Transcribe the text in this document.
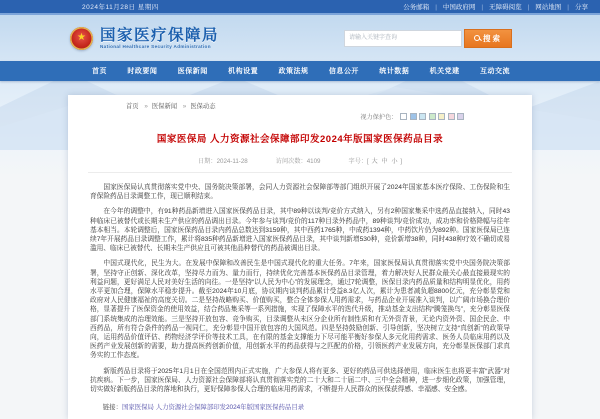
2024年11月28日 星期四	公务邮箱	| 中国政府网	| 无障碍阅览	| 网站地图	| 分享
★ 国家医疗保障局
National Healthcare Security Administration
请输入关键字查询
搜索
首页	时政要闻	医保新闻	机构设置	政策法规	信息公开	统计数据	机关党建	互动交流
首页 » 医保新闻 » 医保动态
视力保护色：
国家医保局 人力资源社会保障部印发2024年版国家医保药品目录
日期：2024-11-28	访问次数：4109	字号：[ 大 中 小 ]

国家医保局认真贯彻落实党中央、国务院决策部署，会同人力资源社会保障部等部门组织开展了2024年国家基本医疗保险、工伤保险和生育保险药品目录调整工作，现已顺利结束。

在今年的调整中，有91种药品新增进入国家医保药品目录，其中89种以谈判/竞价方式纳入，另有2种国家集采中选药品直接纳入，同时43种临床已被替代或长期未生产供应的药品调出目录。今年参与谈判/竞价的117种目录外药品中，89种谈判/竞价成功，成功率和价格降幅与往年基本相当。本轮调整后，国家医保药品目录内药品总数达到3159种，其中西药1765种，中成药1394种，中药饮片仍为892种。国家医保局已连续7年开展药品目录调整工作，累计将835种药品新增进入国家医保药品目录，其中谈判新增530种，竞价新增38种，同时438种疗效不确切或易滥用、临床已被替代、长期未生产供应且可被其他品种替代的药品被调出目录。

中国式现代化，民生为大。在发展中保障和改善民生是中国式现代化的重大任务。7年来，国家医保局认真贯彻落实党中央国务院决策部署，坚持守正创新、深化改革，坚持尽力而为、量力而行，持续优化完善基本医保药品目录管理，着力解决好人民群众最关心最直接最现实的利益问题，更好满足人民对美好生活的向往。一是坚持“以人民为中心”的发展理念，通过7轮调整，医保目录内药品质量和结构明显优化，用药水平更加合理，保障水平稳步提升。截至2024年10月底，协议期内谈判药品累计受益8.3亿人次，累计为患者减负超8800亿元，充分彰显党和政府对人民健康福祉的高度关切。二是坚持战略购买、价值购买，整合全体参保人用药需求，与药品企业开展准入谈判，以广阔市场换合理价格，显著提升了医保资金的使用效益，结合药品集采等一系列措施，实现了保障水平的迭代升级，推动基金支出结构“腾笼换鸟”，充分彰显医保部门系统集成的治理效能。三是坚持开放包容、竞争购买，目录调整从未区分企业所有制性质和有无外资背景，无论内资外资、国企民企、中西药品，所有符合条件的药品一视同仁，充分彰显中国开放包容的大国风范。四是坚持鼓励创新、引导创新，坚决树立支持“真创新”的政策导向，运用药品价值评估、药物经济学评价等技术工具，在有限的基金支撑能力下尽可能平衡好参保人多元化用药需求、医务人员临床用药以及医药产业发展创新的需要，助力提高医药创新价值，用创新水平的药品获得与之匹配的价格，引领医药产业发展方向，充分彰显医保部门求真务实的工作态度。

新版药品目录将于2025年1月1日在全国范围内正式实施，广大参保人将有更多、更好的药品可供选择使用，临床医生也将更丰富“武器”对抗疾病。下一步，国家医保局、人力资源社会保障部将认真贯彻落实党的二十大和二十届二中、三中全会精神，进一步细化政策，加强管理，切实做好新版药品目录的落地和执行，更好保障参保人合理的临床用药需求，不断提升人民群众的医保获得感、幸福感、安全感。

链接：国家医保局 人力资源社会保障部印发2024年版国家医保药品目录
